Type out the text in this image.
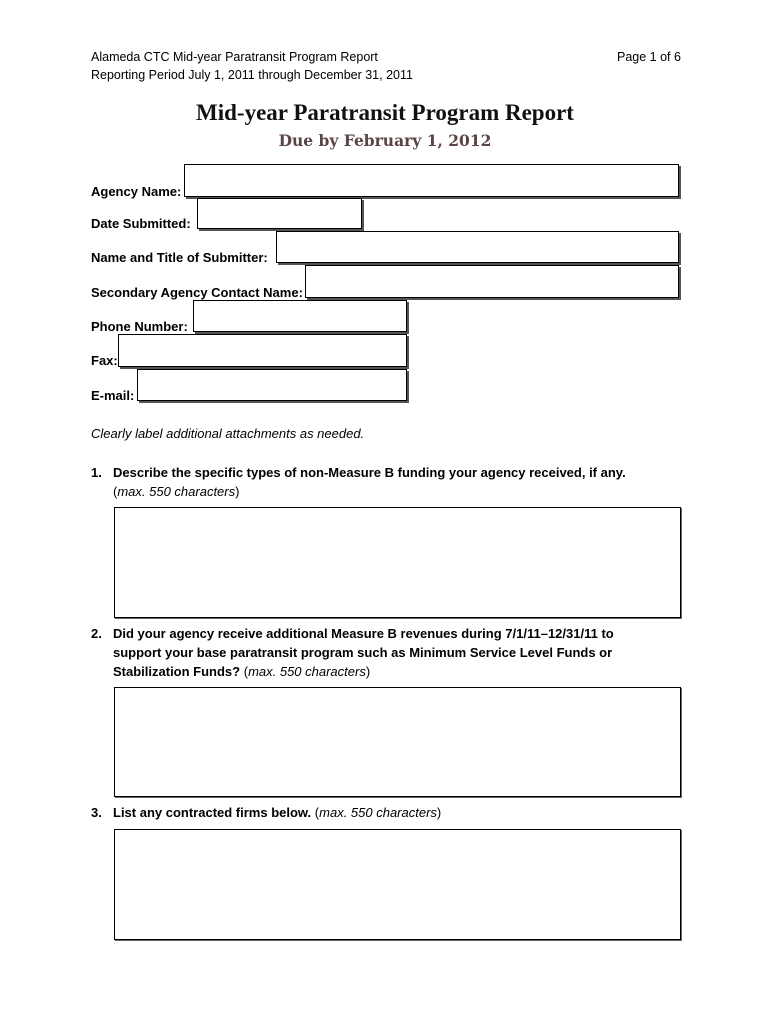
Alameda CTC Mid-year Paratransit Program Report
Reporting Period July 1, 2011 through December 31, 2011
Page 1 of 6
Mid-year Paratransit Program Report
Due by February 1, 2012
Agency Name:
Date Submitted:
Name and Title of Submitter:
Secondary Agency Contact Name:
Phone Number:
Fax:
E-mail:
Clearly label additional attachments as needed.
1. Describe the specific types of non-Measure B funding your agency received, if any.
(max. 550 characters)
2. Did your agency receive additional Measure B revenues during 7/1/11–12/31/11 to support your base paratransit program such as Minimum Service Level Funds or Stabilization Funds? (max. 550 characters)
3. List any contracted firms below. (max. 550 characters)
